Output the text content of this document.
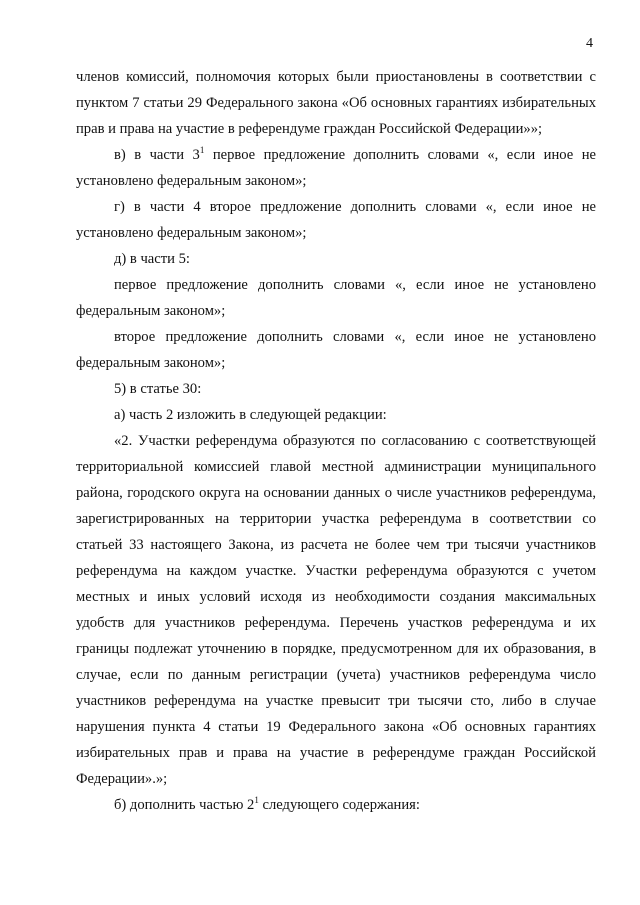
4

членов комиссий, полномочия которых были приостановлены в соответствии с пунктом 7 статьи 29 Федерального закона «Об основных гарантиях избирательных прав и права на участие в референдуме граждан Российской Федерации»»;

в) в части $3^1$ первое предложение дополнить словами «, если иное не установлено федеральным законом»;

г) в части 4 второе предложение дополнить словами «, если иное не установлено федеральным законом»;

д) в части 5:

первое предложение дополнить словами «, если иное не установлено федеральным законом»;

второе предложение дополнить словами «, если иное не установлено федеральным законом»;

5) в статье 30:

а) часть 2 изложить в следующей редакции:

«2. Участки референдума образуются по согласованию с соответствующей территориальной комиссией главой местной администрации муниципального района, городского округа на основании данных о числе участников референдума, зарегистрированных на территории участка референдума в соответствии со статьей 33 настоящего Закона, из расчета не более чем три тысячи участников референдума на каждом участке. Участки референдума образуются с учетом местных и иных условий исходя из необходимости создания максимальных удобств для участников референдума. Перечень участков референдума и их границы подлежат уточнению в порядке, предусмотренном для их образования, в случае, если по данным регистрации (учета) участников референдума число участников референдума на участке превысит три тысячи сто, либо в случае нарушения пункта 4 статьи 19 Федерального закона «Об основных гарантиях избирательных прав и права на участие в референдуме граждан Российской Федерации».»;

б) дополнить частью $2^1$ следующего содержания:
